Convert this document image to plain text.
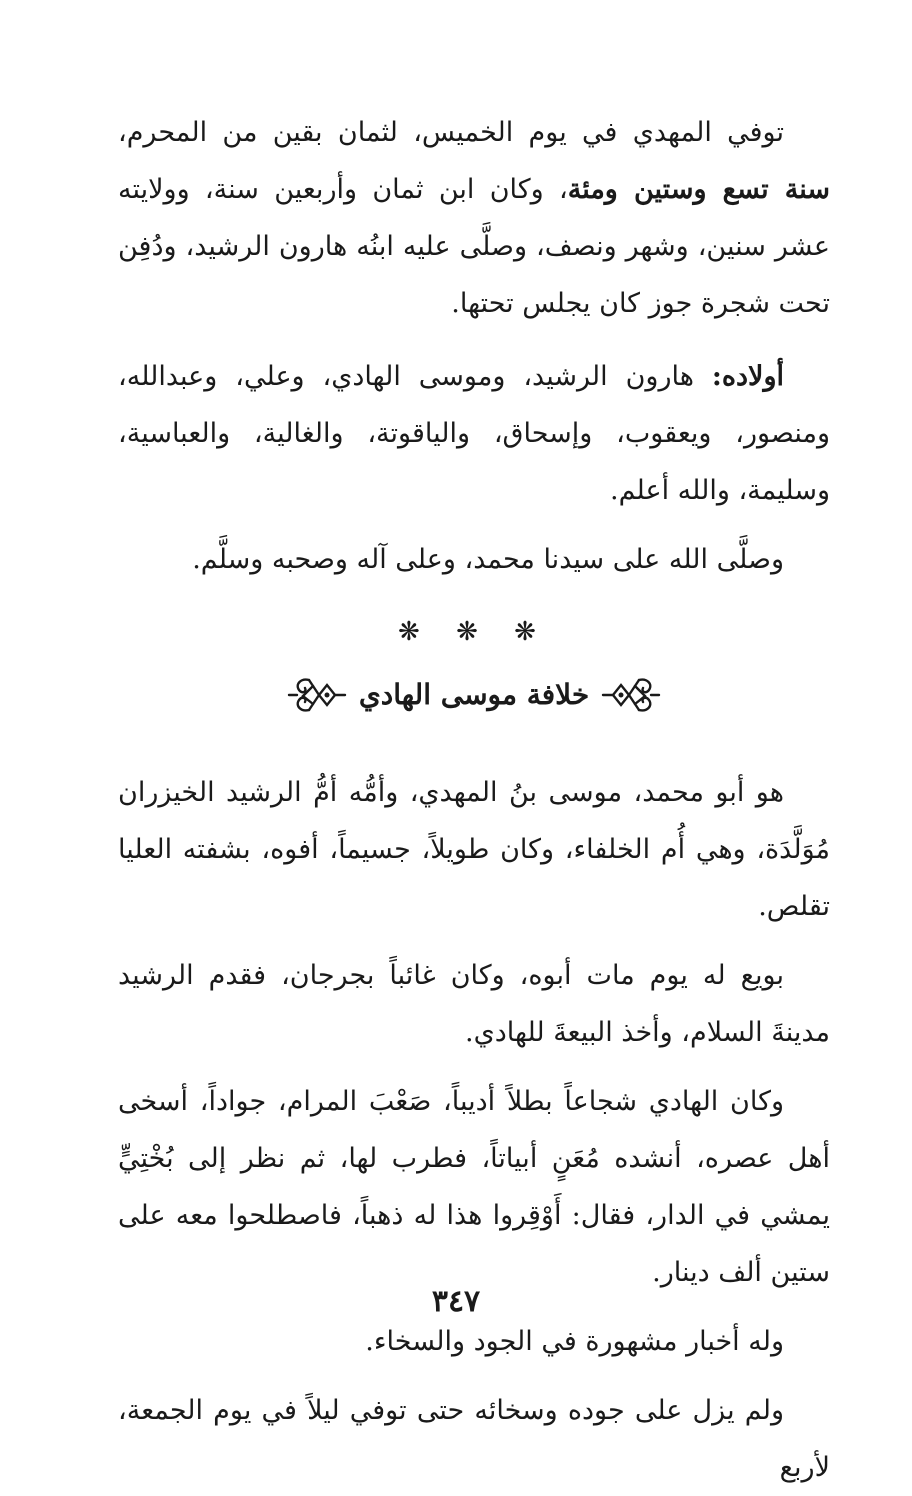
توفي المهدي في يوم الخميس، لثمان بقين من المحرم، سنة تسع وستين ومئة، وكان ابن ثمان وأربعين سنة، وولايته عشر سنين، وشهر ونصف، وصلَّى عليه ابنُه هارون الرشيد، ودُفِن تحت شجرة جوز كان يجلس تحتها.

أولاده: هارون الرشيد، وموسى الهادي، وعلي، وعبدالله، ومنصور، ويعقوب، وإسحاق، والياقوتة، والغالية، والعباسية، وسليمة، والله أعلم.

وصلَّى الله على سيدنا محمد، وعلى آله وصحبه وسلَّم.

❋ ❋ ❋
خلافة موسى الهادي

هو أبو محمد، موسى بنُ المهدي، وأمُّه أمُّ الرشيد الخيزران مُوَلَّدَة، وهي أُم الخلفاء، وكان طويلاً، جسيماً، أفوه، بشفته العليا تقلص.

بويع له يوم مات أبوه، وكان غائباً بجرجان، فقدم الرشيد مدينةَ السلام، وأخذ البيعةَ للهادي.

وكان الهادي شجاعاً بطلاً أديباً، صَعْبَ المرام، جواداً، أسخى أهل عصره، أنشده مُعَنٍ أبياتاً، فطرب لها، ثم نظر إلى بُخْتِيٍّ يمشي في الدار، فقال: أَوْقِروا هذا له ذهباً، فاصطلحوا معه على ستين ألف دينار.

وله أخبار مشهورة في الجود والسخاء.

ولم يزل على جوده وسخائه حتى توفي ليلاً في يوم الجمعة، لأربع

٣٤٧
